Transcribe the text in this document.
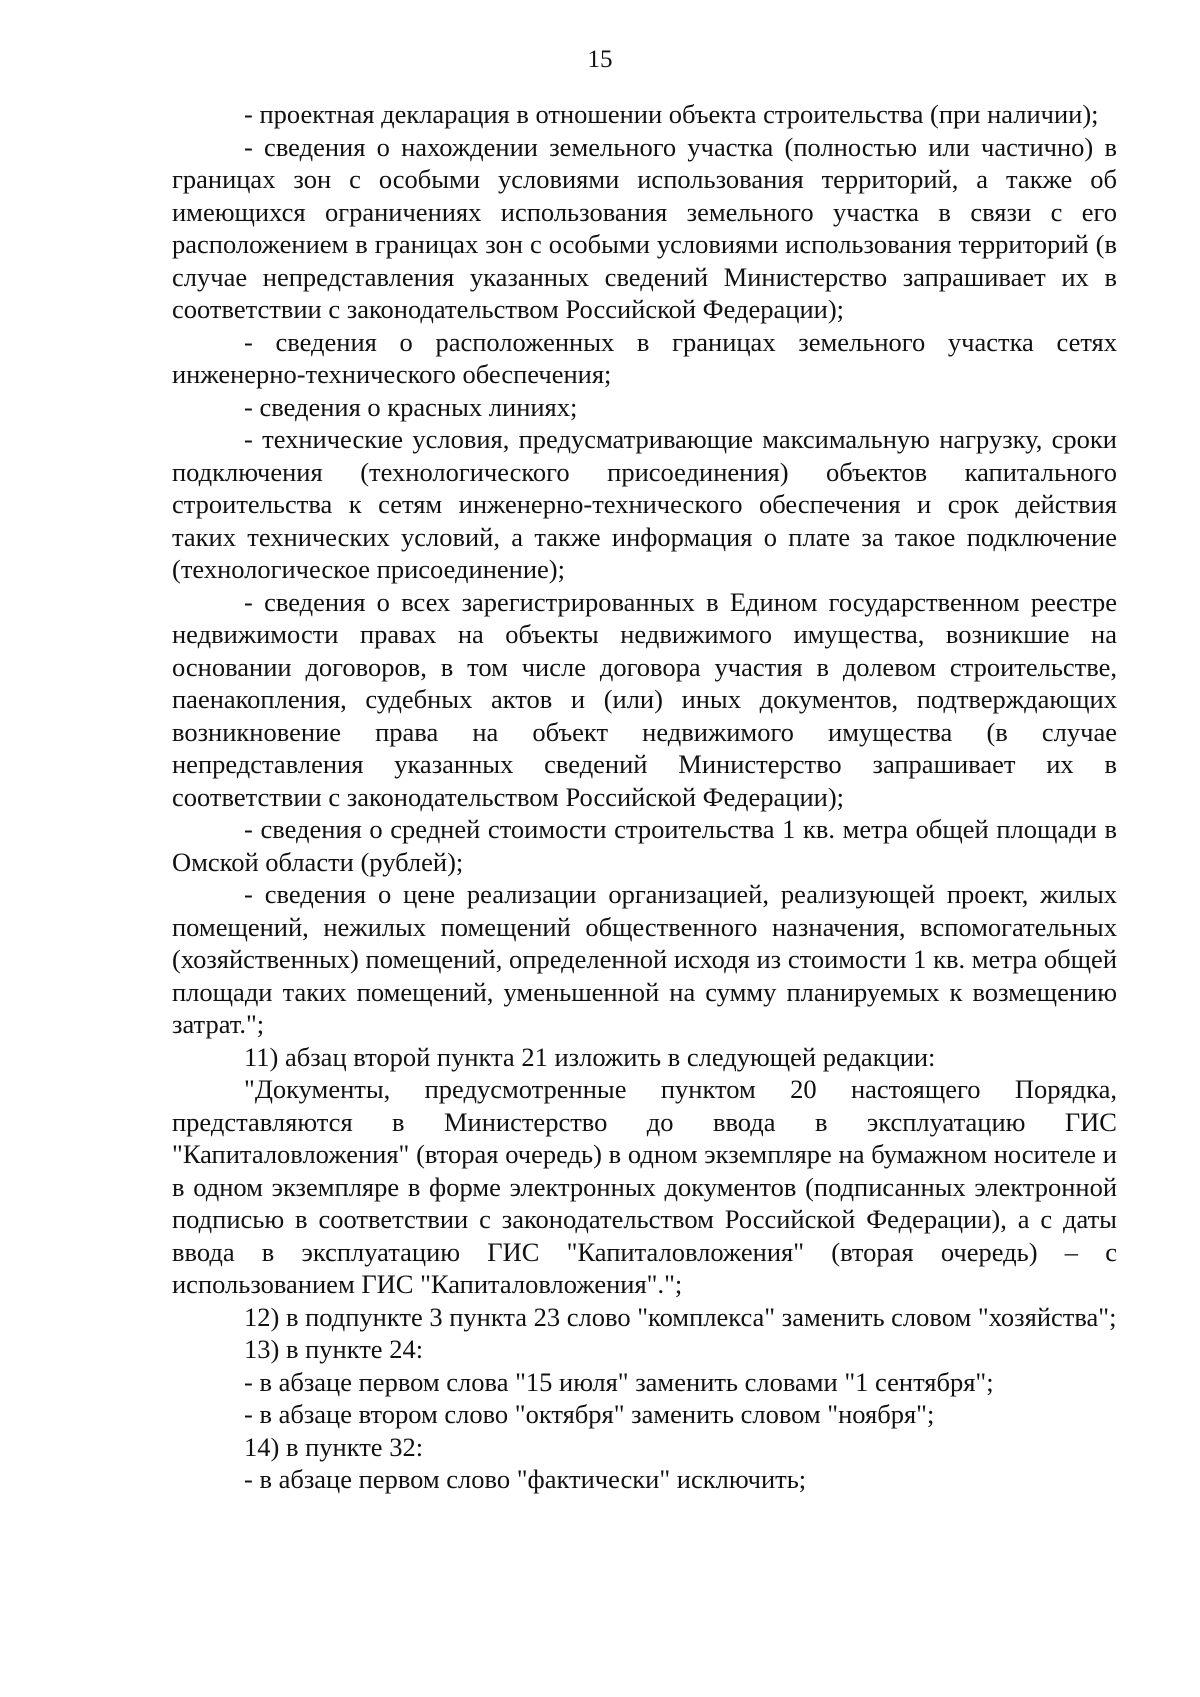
15

- проектная декларация в отношении объекта строительства (при наличии);

- сведения о нахождении земельного участка (полностью или частично) в границах зон с особыми условиями использования территорий, а также об имеющихся ограничениях использования земельного участка в связи с его расположением в границах зон с особыми условиями использования территорий (в случае непредставления указанных сведений Министерство запрашивает их в соответствии с законодательством Российской Федерации);

- сведения о расположенных в границах земельного участка сетях инженерно-технического обеспечения;

- сведения о красных линиях;

- технические условия, предусматривающие максимальную нагрузку, сроки подключения (технологического присоединения) объектов капитального строительства к сетям инженерно-технического обеспечения и срок действия таких технических условий, а также информация о плате за такое подключение (технологическое присоединение);

- сведения о всех зарегистрированных в Едином государственном реестре недвижимости правах на объекты недвижимого имущества, возникшие на основании договоров, в том числе договора участия в долевом строительстве, паенакопления, судебных актов и (или) иных документов, подтверждающих возникновение права на объект недвижимого имущества (в случае непредставления указанных сведений Министерство запрашивает их в соответствии с законодательством Российской Федерации);

- сведения о средней стоимости строительства 1 кв. метра общей площади в Омской области (рублей);

- сведения о цене реализации организацией, реализующей проект, жилых помещений, нежилых помещений общественного назначения, вспомогательных (хозяйственных) помещений, определенной исходя из стоимости 1 кв. метра общей площади таких помещений, уменьшенной на сумму планируемых к возмещению затрат.";

11) абзац второй пункта 21 изложить в следующей редакции:

"Документы, предусмотренные пунктом 20 настоящего Порядка, представляются в Министерство до ввода в эксплуатацию ГИС "Капиталовложения" (вторая очередь) в одном экземпляре на бумажном носителе и в одном экземпляре в форме электронных документов (подписанных электронной подписью в соответствии с законодательством Российской Федерации), а с даты ввода в эксплуатацию ГИС "Капиталовложения" (вторая очередь) – с использованием ГИС "Капиталовложения".";

12) в подпункте 3 пункта 23 слово "комплекса" заменить словом "хозяйства";

13) в пункте 24:

- в абзаце первом слова "15 июля" заменить словами "1 сентября";

- в абзаце втором слово "октября" заменить словом "ноября";

14) в пункте 32:

- в абзаце первом слово "фактически" исключить;
